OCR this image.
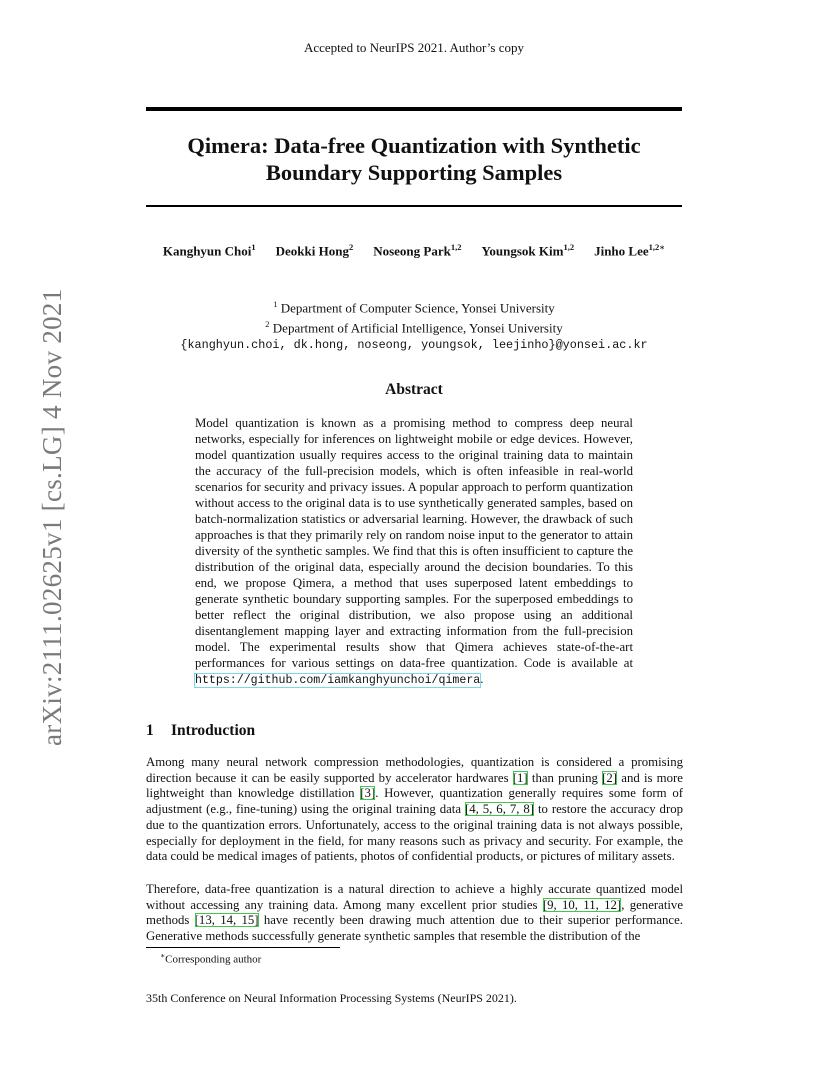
Accepted to NeurIPS 2021. Author’s copy
arXiv:2111.02625v1 [cs.LG] 4 Nov 2021
Qimera: Data-free Quantization with Synthetic
Boundary Supporting Samples
Kanghyun Choi$^1$ Deokki Hong$^2$ Noseong Park$^{1,2}$ Youngsok Kim$^{1,2}$ Jinho Lee$^{1,2∗}$
$^1$ Department of Computer Science, Yonsei University
$^2$ Department of Artificial Intelligence, Yonsei University
{kanghyun.choi, dk.hong, noseong, youngsok, leejinho}@yonsei.ac.kr
Abstract
Model quantization is known as a promising method to compress deep neural networks, especially for inferences on lightweight mobile or edge devices. However, model quantization usually requires access to the original training data to maintain the accuracy of the full-precision models, which is often infeasible in real-world scenarios for security and privacy issues. A popular approach to perform quantization without access to the original data is to use synthetically generated samples, based on batch-normalization statistics or adversarial learning. However, the drawback of such approaches is that they primarily rely on random noise input to the generator to attain diversity of the synthetic samples. We find that this is often insufficient to capture the distribution of the original data, especially around the decision boundaries. To this end, we propose Qimera, a method that uses superposed latent embeddings to generate synthetic boundary supporting samples. For the superposed embeddings to better reflect the original distribution, we also propose using an additional disentanglement mapping layer and extracting information from the full-precision model. The experimental results show that Qimera achieves state-of-the-art performances for various settings on data-free quantization. Code is available at https://github.com/iamkanghyunchoi/qimera.
1 Introduction
Among many neural network compression methodologies, quantization is considered a promising direction because it can be easily supported by accelerator hardwares [1] than pruning [2] and is more lightweight than knowledge distillation [3]. However, quantization generally requires some form of adjustment (e.g., fine-tuning) using the original training data [4, 5, 6, 7, 8] to restore the accuracy drop due to the quantization errors. Unfortunately, access to the original training data is not always possible, especially for deployment in the field, for many reasons such as privacy and security. For example, the data could be medical images of patients, photos of confidential products, or pictures of military assets.
Therefore, data-free quantization is a natural direction to achieve a highly accurate quantized model without accessing any training data. Among many excellent prior studies [9, 10, 11, 12], generative methods [13, 14, 15] have recently been drawing much attention due to their superior performance. Generative methods successfully generate synthetic samples that resemble the distribution of the
∗Corresponding author
35th Conference on Neural Information Processing Systems (NeurIPS 2021).
